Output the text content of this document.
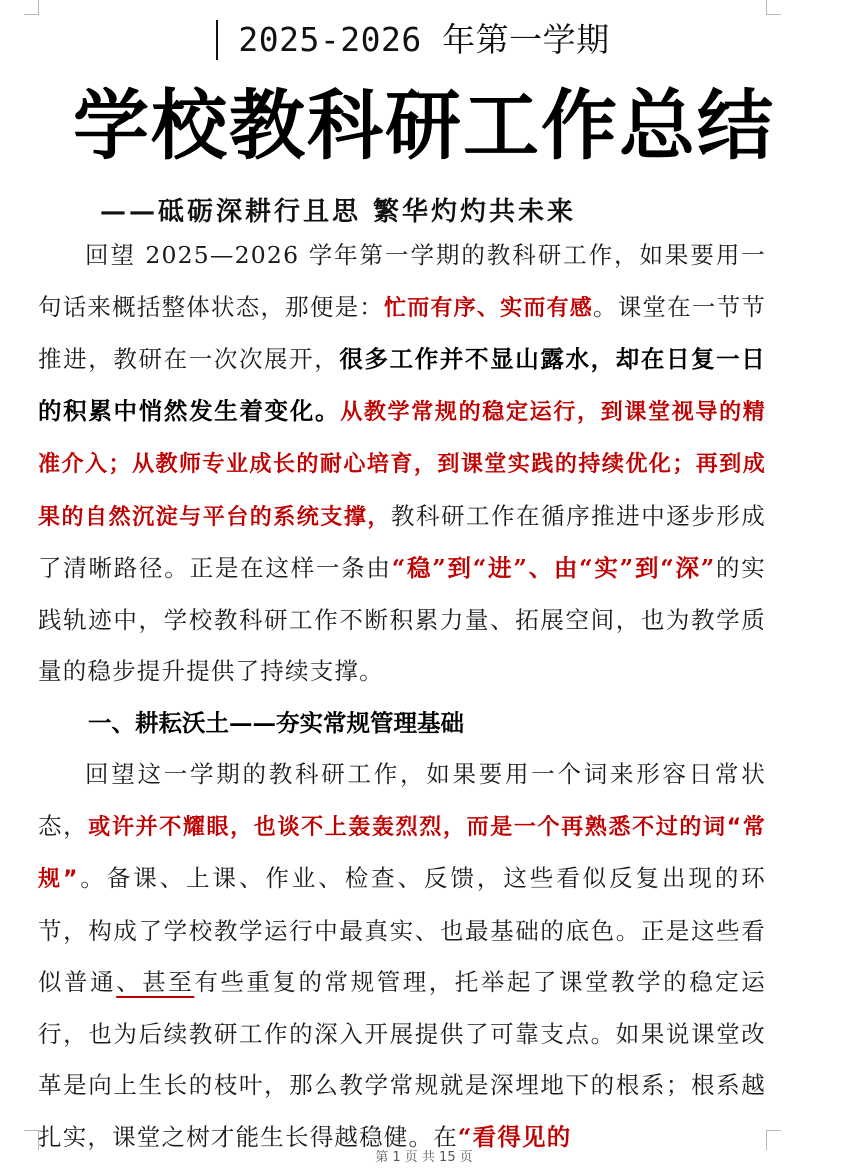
2025-2026 年第一学期
学校教科研工作总结
——砥砺深耕行且思 繁华灼灼共未来

回望 2025—2026 学年第一学期的教科研工作，如果要用一句话来概括整体状态，那便是：忙而有序、实而有感。课堂在一节节推进，教研在一次次展开，很多工作并不显山露水，却在日复一日的积累中悄然发生着变化。从教学常规的稳定运行，到课堂视导的精准介入；从教师专业成长的耐心培育，到课堂实践的持续优化；再到成果的自然沉淀与平台的系统支撑，教科研工作在循序推进中逐步形成了清晰路径。正是在这样一条由“稳”到“进”、由“实”到“深”的实践轨迹中，学校教科研工作不断积累力量、拓展空间，也为教学质量的稳步提升提供了持续支撑。

一、耕耘沃土——夯实常规管理基础

回望这一学期的教科研工作，如果要用一个词来形容日常状态，或许并不耀眼，也谈不上轰轰烈烈，而是一个再熟悉不过的词“常规”。备课、上课、作业、检查、反馈，这些看似反复出现的环节，构成了学校教学运行中最真实、也最基础的底色。正是这些看似普通、甚至有些重复的常规管理，托举起了课堂教学的稳定运行，也为后续教研工作的深入开展提供了可靠支点。如果说课堂改革是向上生长的枝叶，那么教学常规就是深埋地下的根系；根系越扎实，课堂之树才能生长得越稳健。在“看得见的

第 1 页 共 15 页
